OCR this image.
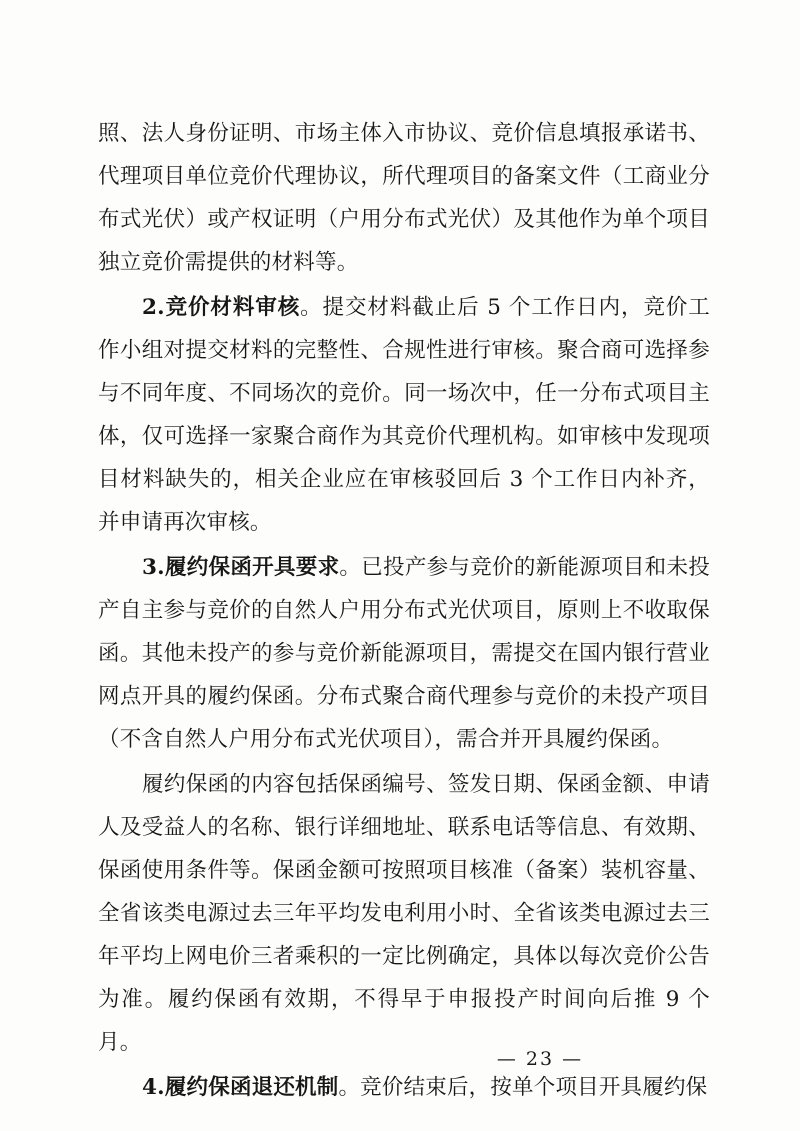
照、法人身份证明、市场主体入市协议、竞价信息填报承诺书、代理项目单位竞价代理协议，所代理项目的备案文件（工商业分布式光伏）或产权证明（户用分布式光伏）及其他作为单个项目独立竞价需提供的材料等。

2.竞价材料审核。提交材料截止后 5 个工作日内，竞价工作小组对提交材料的完整性、合规性进行审核。聚合商可选择参与不同年度、不同场次的竞价。同一场次中，任一分布式项目主体，仅可选择一家聚合商作为其竞价代理机构。如审核中发现项目材料缺失的，相关企业应在审核驳回后 3 个工作日内补齐，并申请再次审核。

3.履约保函开具要求。已投产参与竞价的新能源项目和未投产自主参与竞价的自然人户用分布式光伏项目，原则上不收取保函。其他未投产的参与竞价新能源项目，需提交在国内银行营业网点开具的履约保函。分布式聚合商代理参与竞价的未投产项目（不含自然人户用分布式光伏项目），需合并开具履约保函。

履约保函的内容包括保函编号、签发日期、保函金额、申请人及受益人的名称、银行详细地址、联系电话等信息、有效期、保函使用条件等。保函金额可按照项目核准（备案）装机容量、全省该类电源过去三年平均发电利用小时、全省该类电源过去三年平均上网电价三者乘积的一定比例确定，具体以每次竞价公告为准。履约保函有效期，不得早于申报投产时间向后推 9 个月。

4.履约保函退还机制。竞价结束后，按单个项目开具履约保

— 23 —
